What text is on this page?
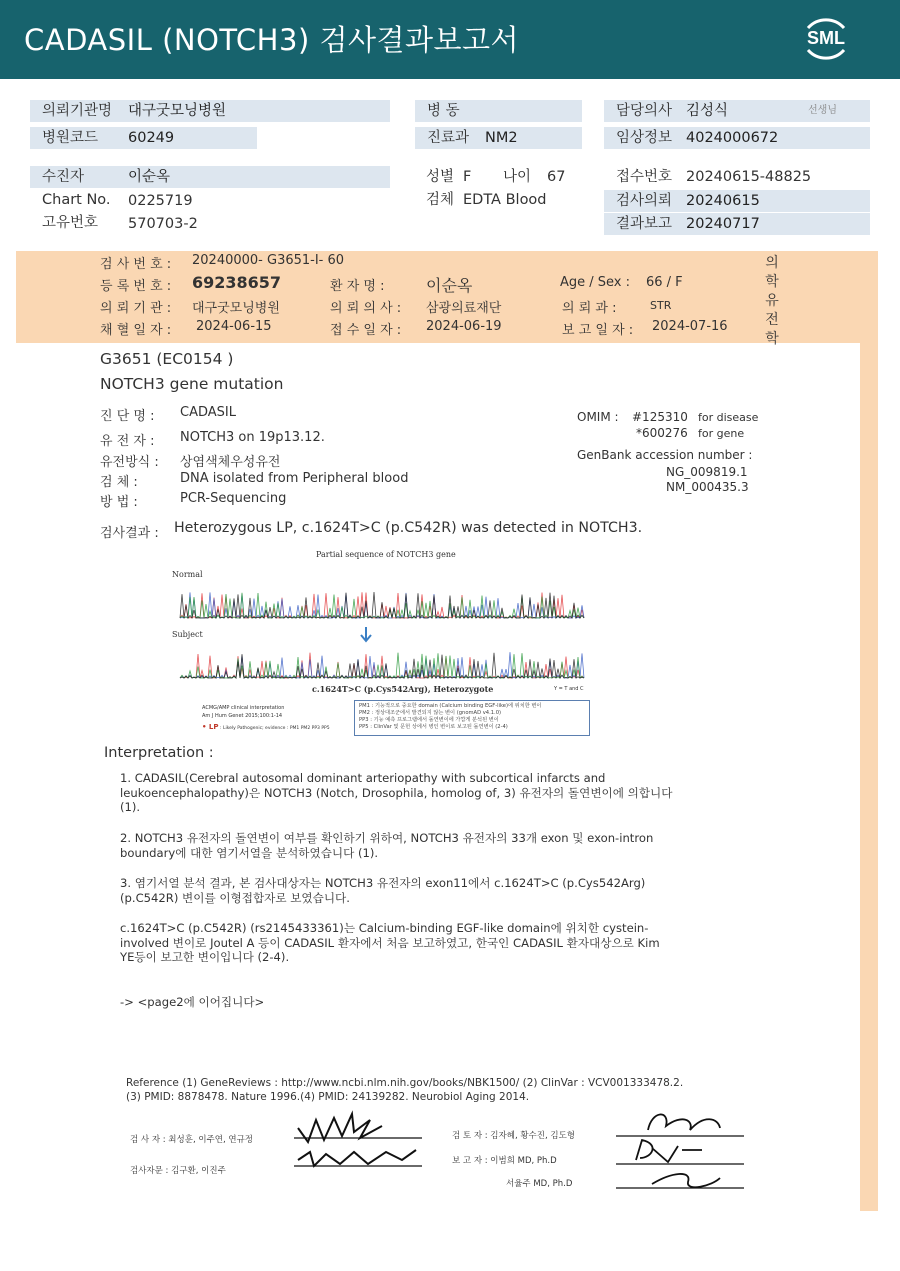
CADASIL (NOTCH3) 검사결과보고서	SML
의뢰기관명 대구굿모닝병원
병원코드 60249
병 동
진료과 NM2
담당의사 김성식	선생님
임상정보 4024000672
수진자	이순옥
Chart No. 0225719
고유번호 570703-2
성별 F 나이 67
검체 EDTA Blood
접수번호 20240615-48825
검사의뢰 20240615
결과보고 20240717
검 사 번 호 : 20240000- G3651-I- 60
등 록 번 호 : 69238657	환 자 명 :	이순옥	Age / Sex : 66 / F
의 뢰 기 관 : 대구굿모닝병원	의 뢰 의 사 : 삼광의료재단	의 뢰 과 :	STR
채 혈 일 자 : 2024-06-15	접 수 일 자 : 2024-06-19	보 고 일 자 : 2024-07-16
의
학
유
전
학
G3651 (EC0154 )
NOTCH3 gene mutation
진 단 명 : CADASIL
유 전 자 : NOTCH3 on 19p13.12.
유전방식 : 상염색체우성유전
검 체 :	DNA isolated from Peripheral blood
방 법 :	PCR-Sequencing
OMIM : #125310 for disease
*600276 for gene
GenBank accession number :
NG_009819.1
NM_000435.3
검사결과 : Heterozygous LP, c.1624T>C (p.C542R) was detected in NOTCH3.
Partial sequence of NOTCH3 gene
Normal
Subject
c.1624T>C (p.Cys542Arg), Heterozygote	Y = T and C
ACMG/AMP clinical interpretation
Am J Hum Genet 2015;100:1-14
• LP : Likely Pathogenic; evidence : PM1 PM2 PP3 PP5
PM1 : 기능적으로 중요한 domain (Calcium binding EGF-like)에 위치한 변이
PM2 : 정상대조군에서 발견되지 않는 변이 (gnomAD v4.1.0)
PP3 : 기능 예측 프로그램에서 돌연변이에 가깝게 분석된 변이
PP5 : ClinVar 및 문헌 상에서 병인 변이로 보고된 돌연변이 (2-4)
Interpretation :
1. CADASIL(Cerebral autosomal dominant arteriopathy with subcortical infarcts and
leukoencephalopathy)은 NOTCH3 (Notch, Drosophila, homolog of, 3) 유전자의 돌연변이에 의합니다
(1).
2. NOTCH3 유전자의 돌연변이 여부를 확인하기 위하여, NOTCH3 유전자의 33개 exon 및 exon-intron
boundary에 대한 염기서열을 분석하였습니다 (1).
3. 염기서열 분석 결과, 본 검사대상자는 NOTCH3 유전자의 exon11에서 c.1624T>C (p.Cys542Arg)
(p.C542R) 변이를 이형접합자로 보였습니다.
c.1624T>C (p.C542R) (rs2145433361)는 Calcium-binding EGF-like domain에 위치한 cystein-
involved 변이로 Joutel A 등이 CADASIL 환자에서 처음 보고하였고, 한국인 CADASIL 환자대상으로 Kim
YE등이 보고한 변이입니다 (2-4).
-> <page2에 이어집니다>
Reference (1) GeneReviews : http://www.ncbi.nlm.nih.gov/books/NBK1500/ (2) ClinVar : VCV001333478.2.
(3) PMID: 8878478. Nature 1996.(4) PMID: 24139282. Neurobiol Aging 2014.
검 사 자 : 최성훈, 이주연, 연규정
검사자문 : 김구환, 이진주
검 토 자 : 김자혜, 황수진, 김도형
보 고 자 : 이범희 MD, Ph.D
서율주 MD, Ph.D
